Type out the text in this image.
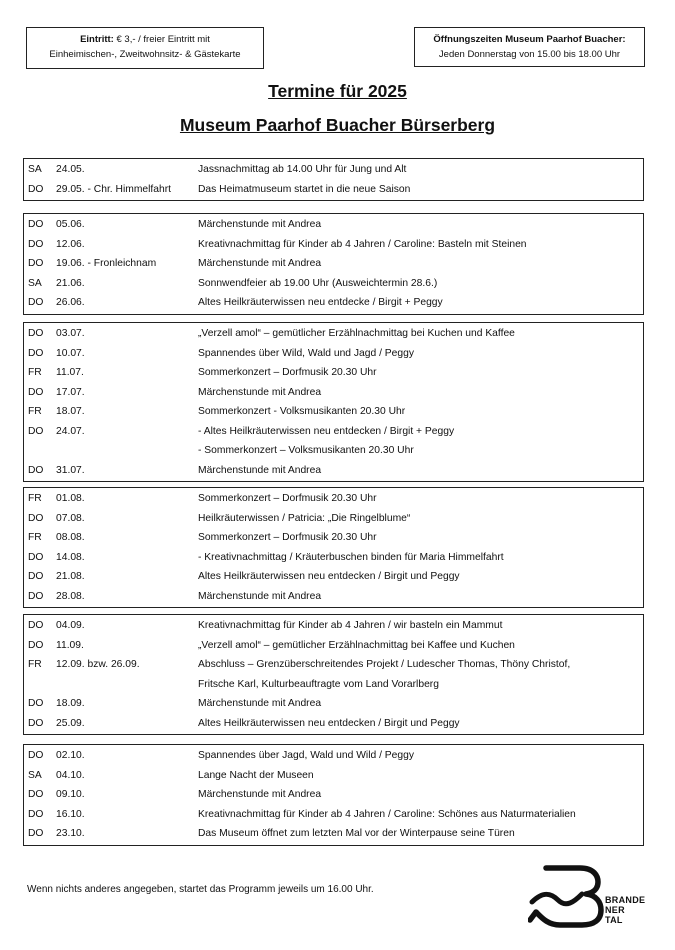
Eintritt: € 3,- / freier Eintritt mit
Einheimischen-, Zweitwohnsitz- & Gästekarte
Öffnungszeiten Museum Paarhof Buacher:
Jeden Donnerstag von 15.00 bis 18.00 Uhr
Termine für 2025
Museum Paarhof Buacher Bürserberg
SA 24.05.	Jassnachmittag ab 14.00 Uhr für Jung und Alt
DO 29.05. - Chr. Himmelfahrt	Das Heimatmuseum startet in die neue Saison
DO 05.06.	Märchenstunde mit Andrea
DO 12.06.	Kreativnachmittag für Kinder ab 4 Jahren / Caroline: Basteln mit Steinen
DO 19.06. - Fronleichnam	Märchenstunde mit Andrea
SA 21.06.	Sonnwendfeier ab 19.00 Uhr (Ausweichtermin 28.6.)
DO 26.06.	Altes Heilkräuterwissen neu entdecke / Birgit + Peggy
DO 03.07.	„Verzell amol“ – gemütlicher Erzählnachmittag bei Kuchen und Kaffee
DO 10.07.	Spannendes über Wild, Wald und Jagd / Peggy
FR 11.07.	Sommerkonzert – Dorfmusik 20.30 Uhr
DO 17.07.	Märchenstunde mit Andrea
FR 18.07.	Sommerkonzert - Volksmusikanten 20.30 Uhr
DO 24.07.	- Altes Heilkräuterwissen neu entdecken / Birgit + Peggy
- Sommerkonzert – Volksmusikanten 20.30 Uhr
DO 31.07.	Märchenstunde mit Andrea
FR 01.08.	Sommerkonzert – Dorfmusik 20.30 Uhr
DO 07.08.	Heilkräuterwissen / Patricia: „Die Ringelblume“
FR 08.08.	Sommerkonzert – Dorfmusik 20.30 Uhr
DO 14.08.	- Kreativnachmittag / Kräuterbuschen binden für Maria Himmelfahrt
DO 21.08.	Altes Heilkräuterwissen neu entdecken / Birgit und Peggy
DO 28.08.	Märchenstunde mit Andrea
DO 04.09.	Kreativnachmittag für Kinder ab 4 Jahren / wir basteln ein Mammut
DO 11.09.	„Verzell amol“ – gemütlicher Erzählnachmittag bei Kaffee und Kuchen
FR 12.09. bzw. 26.09.	Abschluss – Grenzüberschreitendes Projekt / Ludescher Thomas, Thöny Christof,
Fritsche Karl, Kulturbeauftragte vom Land Vorarlberg
DO 18.09.	Märchenstunde mit Andrea
DO 25.09.	Altes Heilkräuterwissen neu entdecken / Birgit und Peggy
DO 02.10.	Spannendes über Jagd, Wald und Wild / Peggy
SA 04.10.	Lange Nacht der Museen
DO 09.10.	Märchenstunde mit Andrea
DO 16.10.	Kreativnachmittag für Kinder ab 4 Jahren / Caroline: Schönes aus Naturmaterialien
DO 23.10.	Das Museum öffnet zum letzten Mal vor der Winterpause seine Türen
Wenn nichts anderes angegeben, startet das Programm jeweils um 16.00 Uhr.
BRANDE
NER
TAL
